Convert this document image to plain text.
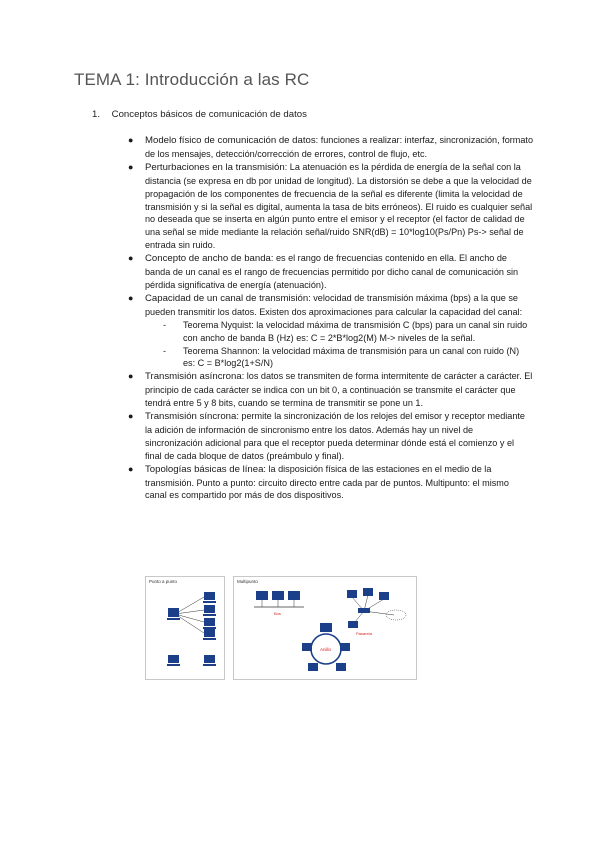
TEMA 1: Introducción a las RC
1. Conceptos básicos de comunicación de datos
● Modelo físico de comunicación de datos: funciones a realizar: interfaz, sincronización, formato de los mensajes, detección/corrección de errores, control de flujo, etc.
● Perturbaciones en la transmisión: La atenuación es la pérdida de energía de la señal con la distancia (se expresa en db por unidad de longitud). La distorsión se debe a que la velocidad de propagación de los componentes de frecuencia de la señal es diferente (limita la velocidad de transmisión y si la señal es digital, aumenta la tasa de bits erróneos). El ruido es cualquier señal no deseada que se inserta en algún punto entre el emisor y el receptor (el factor de calidad de una señal se mide mediante la relación señal/ruido SNR(dB) = 10*log10(Ps/Pn) Ps-> señal de entrada sin ruido.
● Concepto de ancho de banda: es el rango de frecuencias contenido en ella. El ancho de banda de un canal es el rango de frecuencias permitido por dicho canal de comunicación sin pérdida significativa de energía (atenuación).
● Capacidad de un canal de transmisión: velocidad de transmisión máxima (bps) a la que se pueden transmitir los datos. Existen dos aproximaciones para calcular la capacidad del canal:
- Teorema Nyquist: la velocidad máxima de transmisión C (bps) para un canal sin ruido con ancho de banda B (Hz) es: C = 2*B*log2(M) M-> niveles de la señal.
- Teorema Shannon: la velocidad máxima de transmisión para un canal con ruido (N) es: C = B*log2(1+S/N)
● Transmisión asíncrona: los datos se transmiten de forma intermitente de carácter a carácter. El principio de cada carácter se indica con un bit 0, a continuación se transmite el carácter que tendrá entre 5 y 8 bits, cuando se termina de transmitir se pone un 1.
● Transmisión síncrona: permite la sincronización de los relojes del emisor y receptor mediante la adición de información de sincronismo entre los datos. Además hay un nivel de sincronización adicional para que el receptor pueda determinar dónde está el comienzo y el final de cada bloque de datos (preámbulo y final).
● Topologías básicas de línea: la disposición física de las estaciones en el medio de la transmisión. Punto a punto: circuito directo entre cada par de puntos. Multipunto: el mismo canal es compartido por más de dos dispositivos.
Punto a punto	Multipunto
Bus
Pasarela
Anillo
